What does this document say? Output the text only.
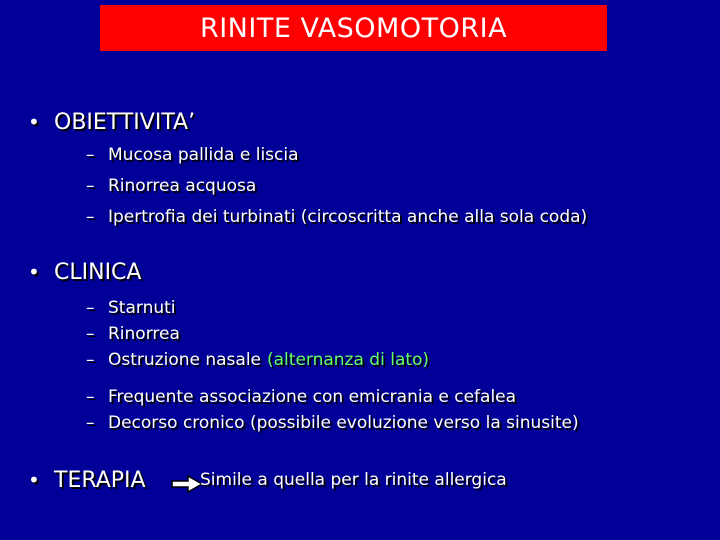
RINITE VASOMOTORIA
• OBIETTIVITA’
– Mucosa pallida e liscia
– Rinorrea acquosa
– Ipertrofia dei turbinati (circoscritta anche alla sola coda)
• CLINICA
– Starnuti
– Rinorrea
– Ostruzione nasale (alternanza di lato)
– Frequente associazione con emicrania e cefalea
– Decorso cronico (possibile evoluzione verso la sinusite)
• TERAPIA	Simile a quella per la rinite allergica
